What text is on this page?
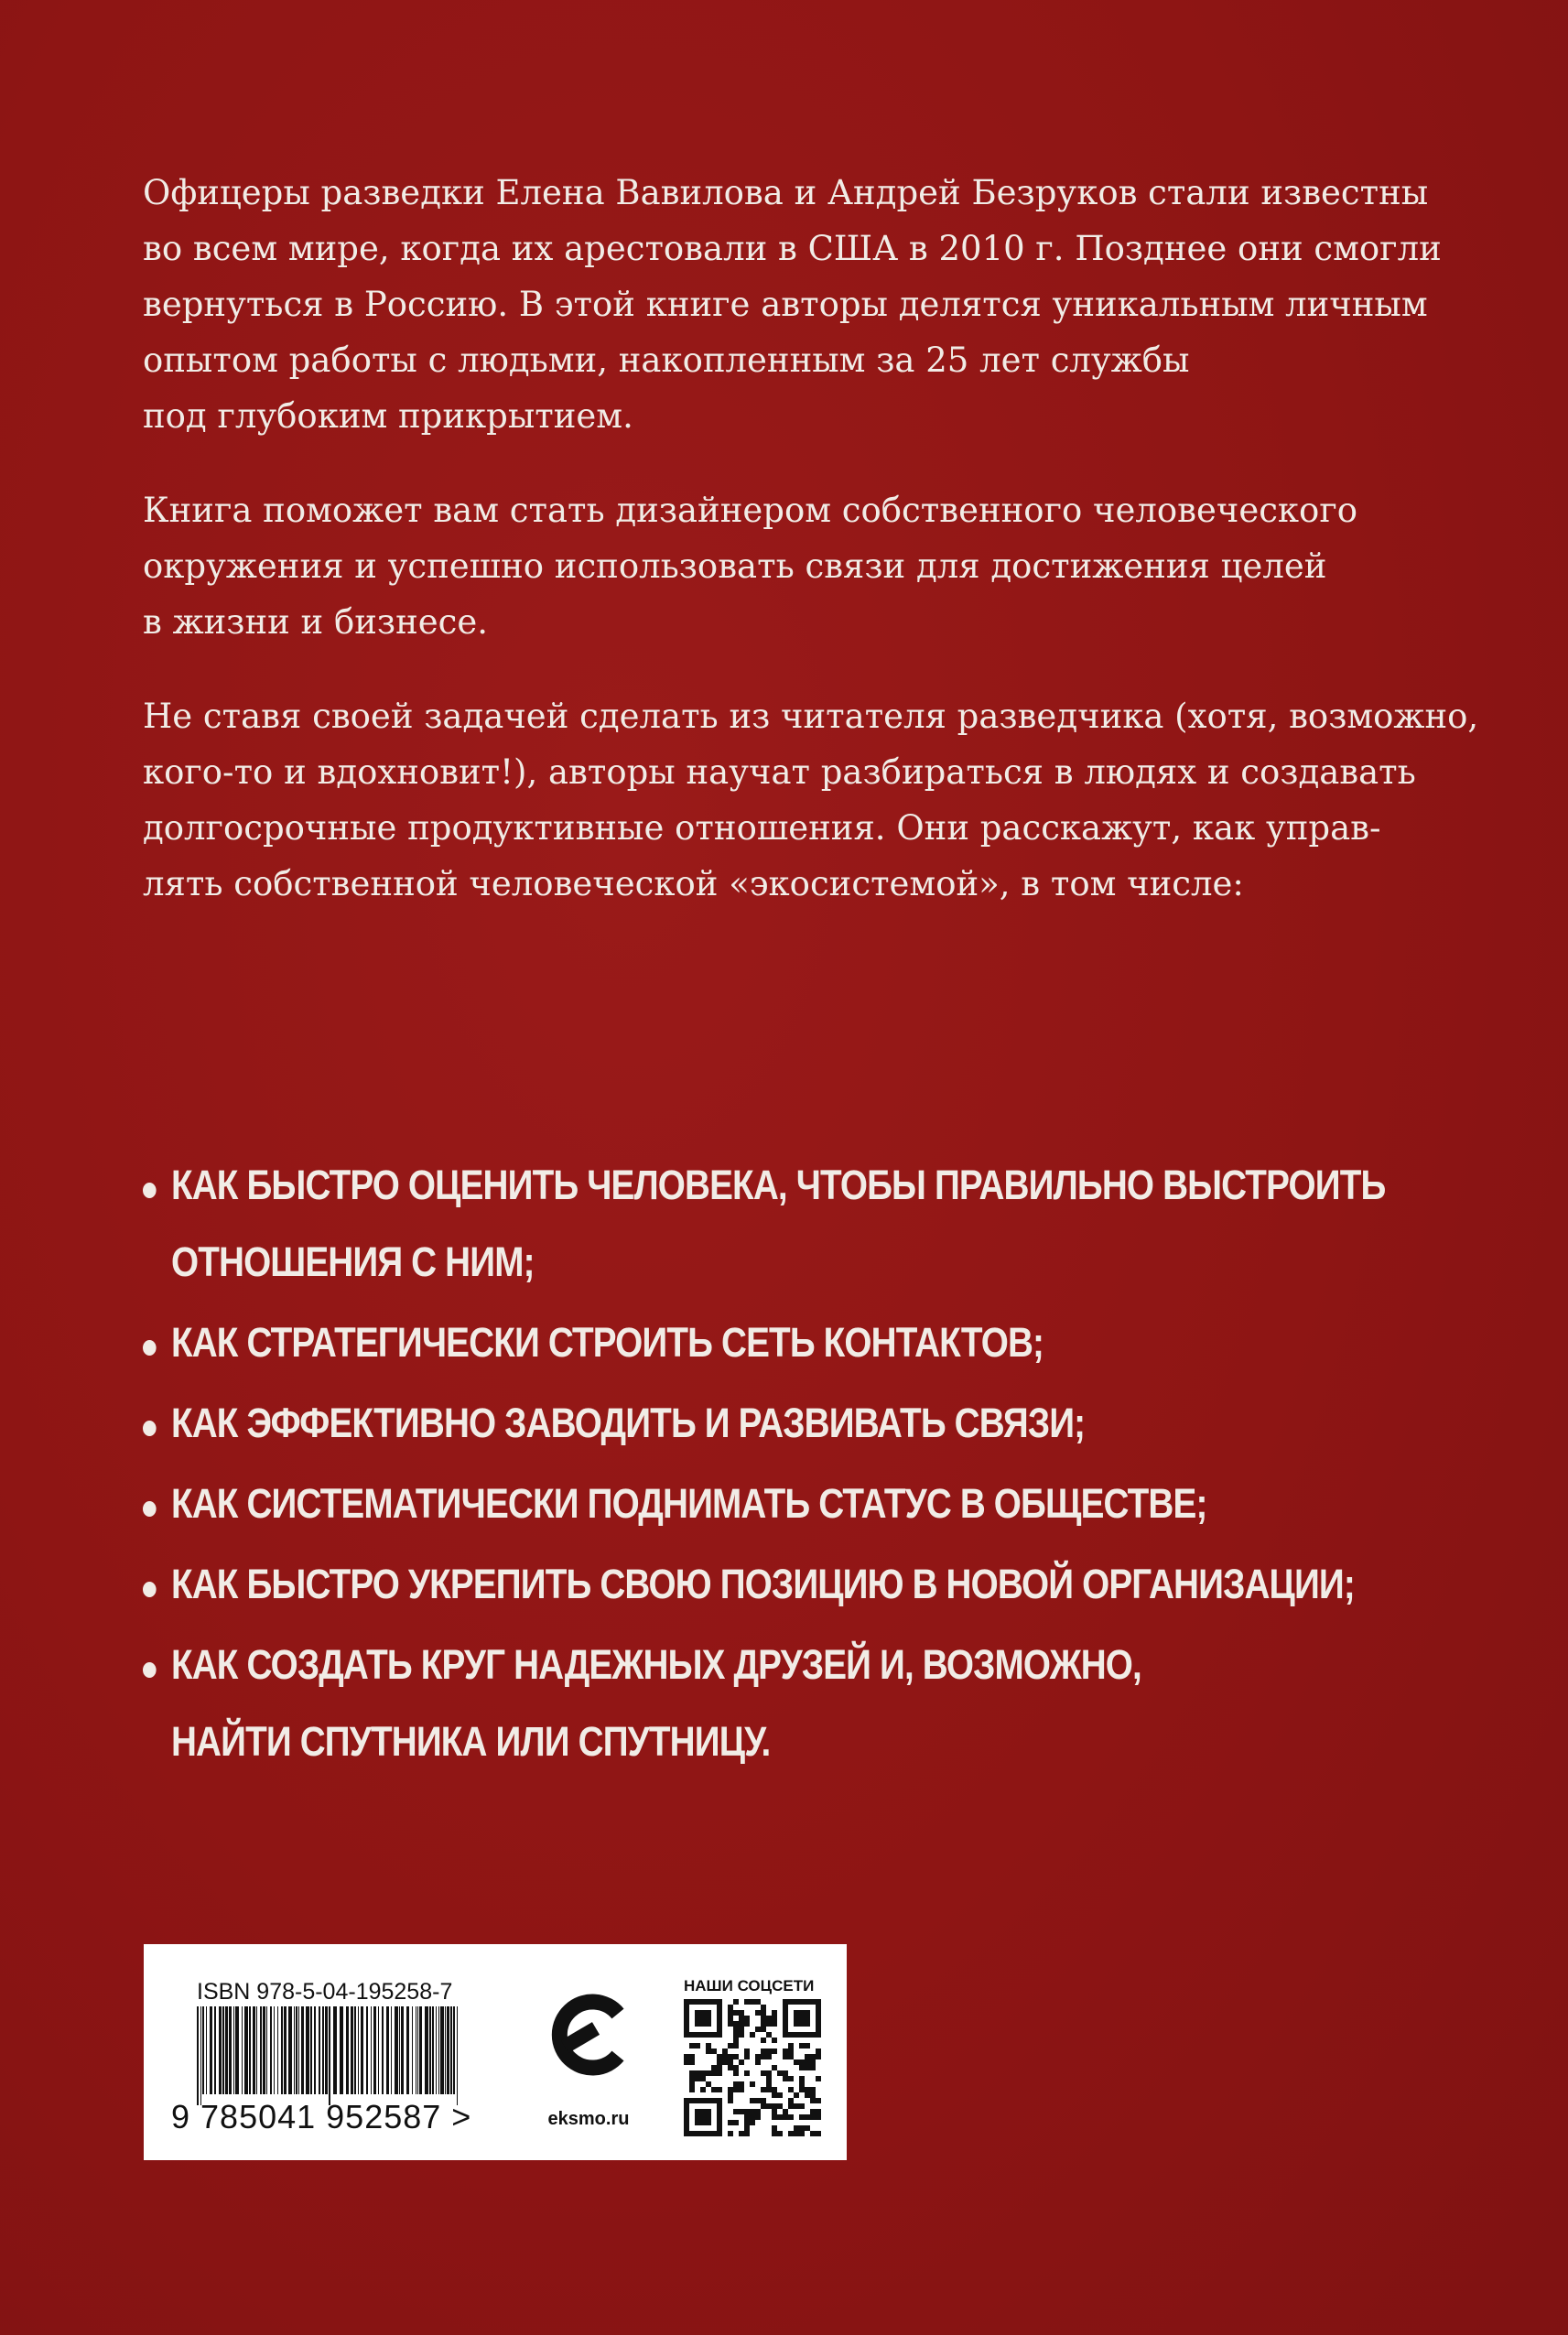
Офицеры разведки Елена Вавилова и Андрей Безруков стали известны
во всем мире, когда их арестовали в США в 2010 г. Позднее они смогли
вернуться в Россию. В этой книге авторы делятся уникальным личным
опытом работы с людьми, накопленным за 25 лет службы
под глубоким прикрытием.

Книга поможет вам стать дизайнером собственного человеческого
окружения и успешно использовать связи для достижения целей
в жизни и бизнесе.

Не ставя своей задачей сделать из читателя разведчика (хотя, возможно,
кого-то и вдохновит!), авторы научат разбираться в людях и создавать
долгосрочные продуктивные отношения. Они расскажут, как управ-
лять собственной человеческой «экосистемой», в том числе:

КАК БЫСТРО ОЦЕНИТЬ ЧЕЛОВЕКА, ЧТОБЫ ПРАВИЛЬНО ВЫСТРОИТЬ
ОТНОШЕНИЯ С НИМ;
КАК СТРАТЕГИЧЕСКИ СТРОИТЬ СЕТЬ КОНТАКТОВ;
КАК ЭФФЕКТИВНО ЗАВОДИТЬ И РАЗВИВАТЬ СВЯЗИ;
КАК СИСТЕМАТИЧЕСКИ ПОДНИМАТЬ СТАТУС В ОБЩЕСТВЕ;
КАК БЫСТРО УКРЕПИТЬ СВОЮ ПОЗИЦИЮ В НОВОЙ ОРГАНИЗАЦИИ;
КАК СОЗДАТЬ КРУГ НАДЕЖНЫХ ДРУЗЕЙ И, ВОЗМОЖНО,
НАЙТИ СПУТНИКА ИЛИ СПУТНИЦУ.
ISBN 978-5-04-195258-7
9 785041 952587 >	eksmo.ru
НАШИ СОЦСЕТИ
